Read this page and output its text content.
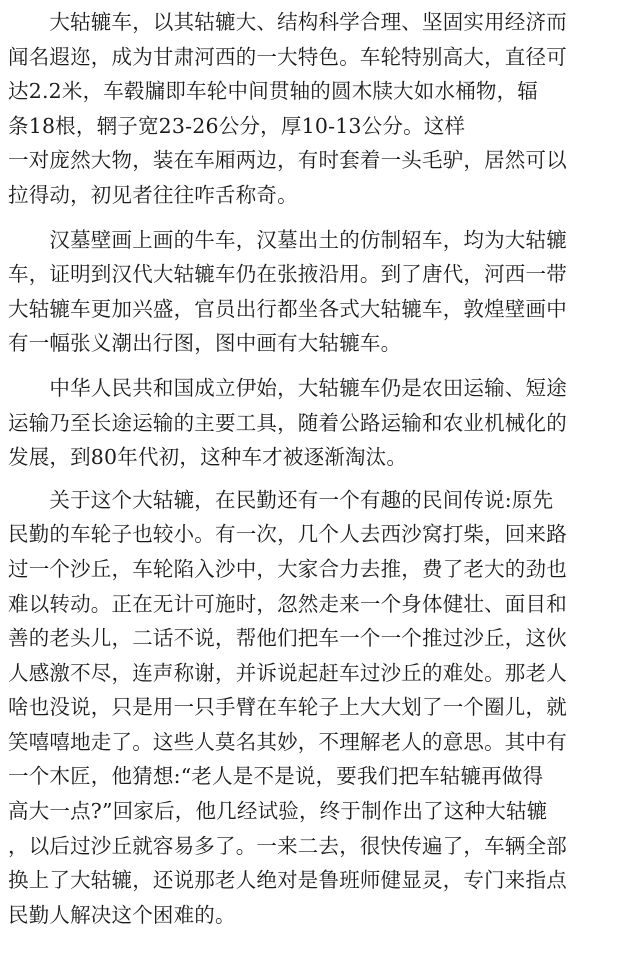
　　大轱辘车，以其轱辘大、结构科学合理、坚固实用经济而
闻名遐迩，成为甘肃河西的一大特色。车轮特别高大，直径可
达2.2米，车毂牖即车轮中间贯轴的圆木牍大如水桶物，辐
条18根，辋子宽23-26公分，厚10-13公分。这样
一对庞然大物，装在车厢两边，有时套着一头毛驴，居然可以
拉得动，初见者往往咋舌称奇。
　　汉墓壁画上画的牛车，汉墓出土的仿制轺车，均为大轱辘
车，证明到汉代大轱辘车仍在张掖沿用。到了唐代，河西一带
大轱辘车更加兴盛，官员出行都坐各式大轱辘车，敦煌壁画中
有一幅张义潮出行图，图中画有大轱辘车。
　　中华人民共和国成立伊始，大轱辘车仍是农田运输、短途
运输乃至长途运输的主要工具，随着公路运输和农业机械化的
发展，到80年代初，这种车才被逐渐淘汰。
　　关于这个大轱辘，在民勤还有一个有趣的民间传说:原先
民勤的车轮子也较小。有一次，几个人去西沙窝打柴，回来路
过一个沙丘，车轮陷入沙中，大家合力去推，费了老大的劲也
难以转动。正在无计可施时，忽然走来一个身体健壮、面目和
善的老头儿，二话不说，帮他们把车一个一个推过沙丘，这伙
人感激不尽，连声称谢，并诉说起赶车过沙丘的难处。那老人
啥也没说，只是用一只手臂在车轮子上大大划了一个圈儿，就
笑嘻嘻地走了。这些人莫名其妙，不理解老人的意思。其中有
一个木匠，他猜想:“老人是不是说，要我们把车轱辘再做得
高大一点?”回家后，他几经试验，终于制作出了这种大轱辘
，以后过沙丘就容易多了。一来二去，很快传遍了，车辆全部
换上了大轱辘，还说那老人绝对是鲁班师健显灵，专门来指点
民勤人解决这个困难的。
